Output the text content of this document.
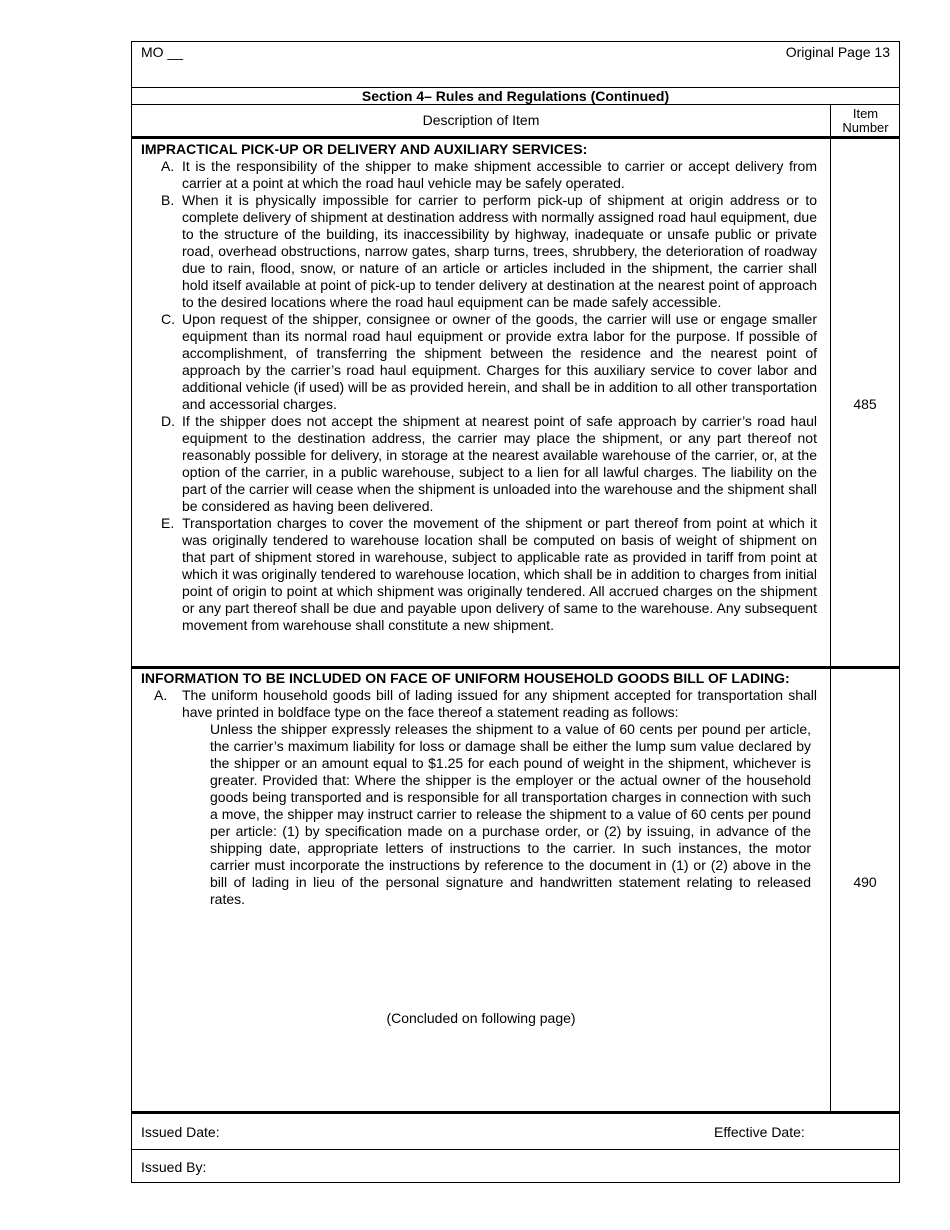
MO __	Original Page 13
Section 4– Rules and Regulations (Continued)
Description of Item	Item
Number
IMPRACTICAL PICK-UP OR DELIVERY AND AUXILIARY SERVICES:
A. It is the responsibility of the shipper to make shipment accessible to carrier or accept delivery from carrier at a point at which the road haul vehicle may be safely operated.
B. When it is physically impossible for carrier to perform pick-up of shipment at origin address or to complete delivery of shipment at destination address with normally assigned road haul equipment, due to the structure of the building, its inaccessibility by highway, inadequate or unsafe public or private road, overhead obstructions, narrow gates, sharp turns, trees, shrubbery, the deterioration of roadway due to rain, flood, snow, or nature of an article or articles included in the shipment, the carrier shall hold itself available at point of pick-up to tender delivery at destination at the nearest point of approach to the desired locations where the road haul equipment can be made safely accessible.
C. Upon request of the shipper, consignee or owner of the goods, the carrier will use or engage smaller equipment than its normal road haul equipment or provide extra labor for the purpose. If possible of accomplishment, of transferring the shipment between the residence and the nearest point of approach by the carrier’s road haul equipment. Charges for this auxiliary service to cover labor and additional vehicle (if used) will be as provided herein, and shall be in addition to all other transportation and accessorial charges.
D. If the shipper does not accept the shipment at nearest point of safe approach by carrier’s road haul equipment to the destination address, the carrier may place the shipment, or any part thereof not reasonably possible for delivery, in storage at the nearest available warehouse of the carrier, or, at the option of the carrier, in a public warehouse, subject to a lien for all lawful charges. The liability on the part of the carrier will cease when the shipment is unloaded into the warehouse and the shipment shall be considered as having been delivered.
E. Transportation charges to cover the movement of the shipment or part thereof from point at which it was originally tendered to warehouse location shall be computed on basis of weight of shipment on that part of shipment stored in warehouse, subject to applicable rate as provided in tariff from point at which it was originally tendered to warehouse location, which shall be in addition to charges from initial point of origin to point at which shipment was originally tendered. All accrued charges on the shipment or any part thereof shall be due and payable upon delivery of same to the warehouse. Any subsequent movement from warehouse shall constitute a new shipment.
485
INFORMATION TO BE INCLUDED ON FACE OF UNIFORM HOUSEHOLD GOODS BILL OF LADING:
A. The uniform household goods bill of lading issued for any shipment accepted for transportation shall have printed in boldface type on the face thereof a statement reading as follows:
Unless the shipper expressly releases the shipment to a value of 60 cents per pound per article, the carrier’s maximum liability for loss or damage shall be either the lump sum value declared by the shipper or an amount equal to $1.25 for each pound of weight in the shipment, whichever is greater. Provided that: Where the shipper is the employer or the actual owner of the household goods being transported and is responsible for all transportation charges in connection with such a move, the shipper may instruct carrier to release the shipment to a value of 60 cents per pound per article: (1) by specification made on a purchase order, or (2) by issuing, in advance of the shipping date, appropriate letters of instructions to the carrier. In such instances, the motor carrier must incorporate the instructions by reference to the document in (1) or (2) above in the bill of lading in lieu of the personal signature and handwritten statement relating to released rates.
490
(Concluded on following page)
Issued Date:	Effective Date:
Issued By:
